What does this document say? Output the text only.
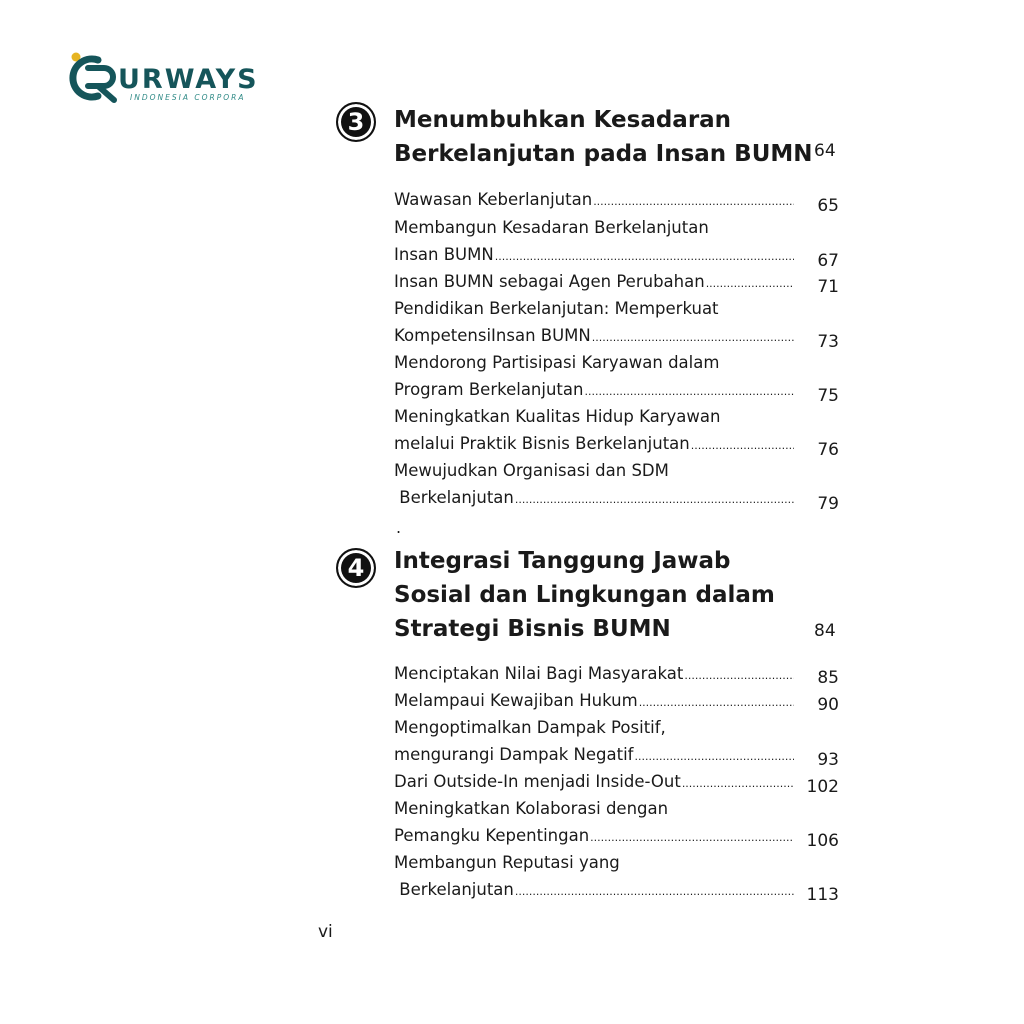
URWAYS
INDONESIA CORPORA
3	Menumbuhkan Kesadaran
Berkelanjutan pada Insan BUMN 64
Wawasan Keberlanjutan .....	65
Membangun Kesadaran Berkelanjutan
Insan BUMN .....	67
Insan BUMN sebagai Agen Perubahan .....	71
Pendidikan Berkelanjutan: Memperkuat
KompetensiInsan BUMN .....	73
Mendorong Partisipasi Karyawan dalam
Program Berkelanjutan .....	75
Meningkatkan Kualitas Hidup Karyawan
melalui Praktik Bisnis Berkelanjutan .....	76
Mewujudkan Organisasi dan SDM
Berkelanjutan .....	79
.
4	Integrasi Tanggung Jawab
Sosial dan Lingkungan dalam
Strategi Bisnis BUMN	84
Menciptakan Nilai Bagi Masyarakat .....	85
Melampaui Kewajiban Hukum .....	90
Mengoptimalkan Dampak Positif,
mengurangi Dampak Negatif .....	93
Dari Outside-In menjadi Inside-Out .....	102
Meningkatkan Kolaborasi dengan
Pemangku Kepentingan .....	106
Membangun Reputasi yang
Berkelanjutan .....	113
vi
